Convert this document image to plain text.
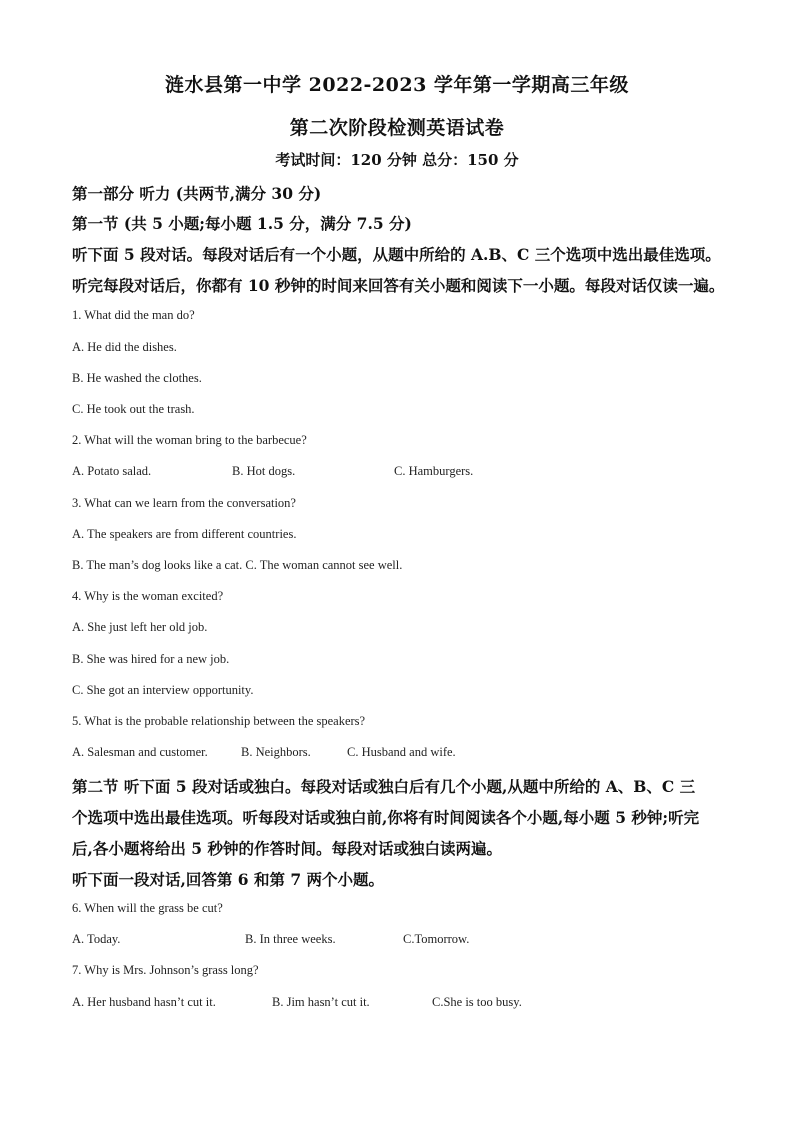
涟水县第一中学 2022-2023 学年第一学期高三年级
第二次阶段检测英语试卷
考试时间：120 分钟 总分：150 分
第一部分 听力 (共两节,满分 30 分)
第一节 (共 5 小题;每小题 1.5 分，满分 7.5 分)
听下面 5 段对话。每段对话后有一个小题，从题中所给的 A.B、C 三个选项中选出最佳选项。
听完每段对话后，你都有 10 秒钟的时间来回答有关小题和阅读下一小题。每段对话仅读一遍。
1. What did the man do?
A. He did the dishes.
B. He washed the clothes.
C. He took out the trash.
2. What will the woman bring to the barbecue?
A. Potato salad.	B. Hot dogs.	C. Hamburgers.
3. What can we learn from the conversation?
A. The speakers are from different countries.
B. The man’s dog looks like a cat. C. The woman cannot see well.
4. Why is the woman excited?
A. She just left her old job.
B. She was hired for a new job.
C. She got an interview opportunity.
5. What is the probable relationship between the speakers?
A. Salesman and customer.	B. Neighbors.	C. Husband and wife.
第二节 听下面 5 段对话或独白。每段对话或独白后有几个小题,从题中所给的 A、B、C 三
个选项中选出最佳选项。听每段对话或独白前,你将有时间阅读各个小题,每小题 5 秒钟;听完
后,各小题将给出 5 秒钟的作答时间。每段对话或独白读两遍。
听下面一段对话,回答第 6 和第 7 两个小题。
6. When will the grass be cut?
A. Today.	B. In three weeks.	C.Tomorrow.
7. Why is Mrs. Johnson’s grass long?
A. Her husband hasn’t cut it.	B. Jim hasn’t cut it.	C.She is too busy.
